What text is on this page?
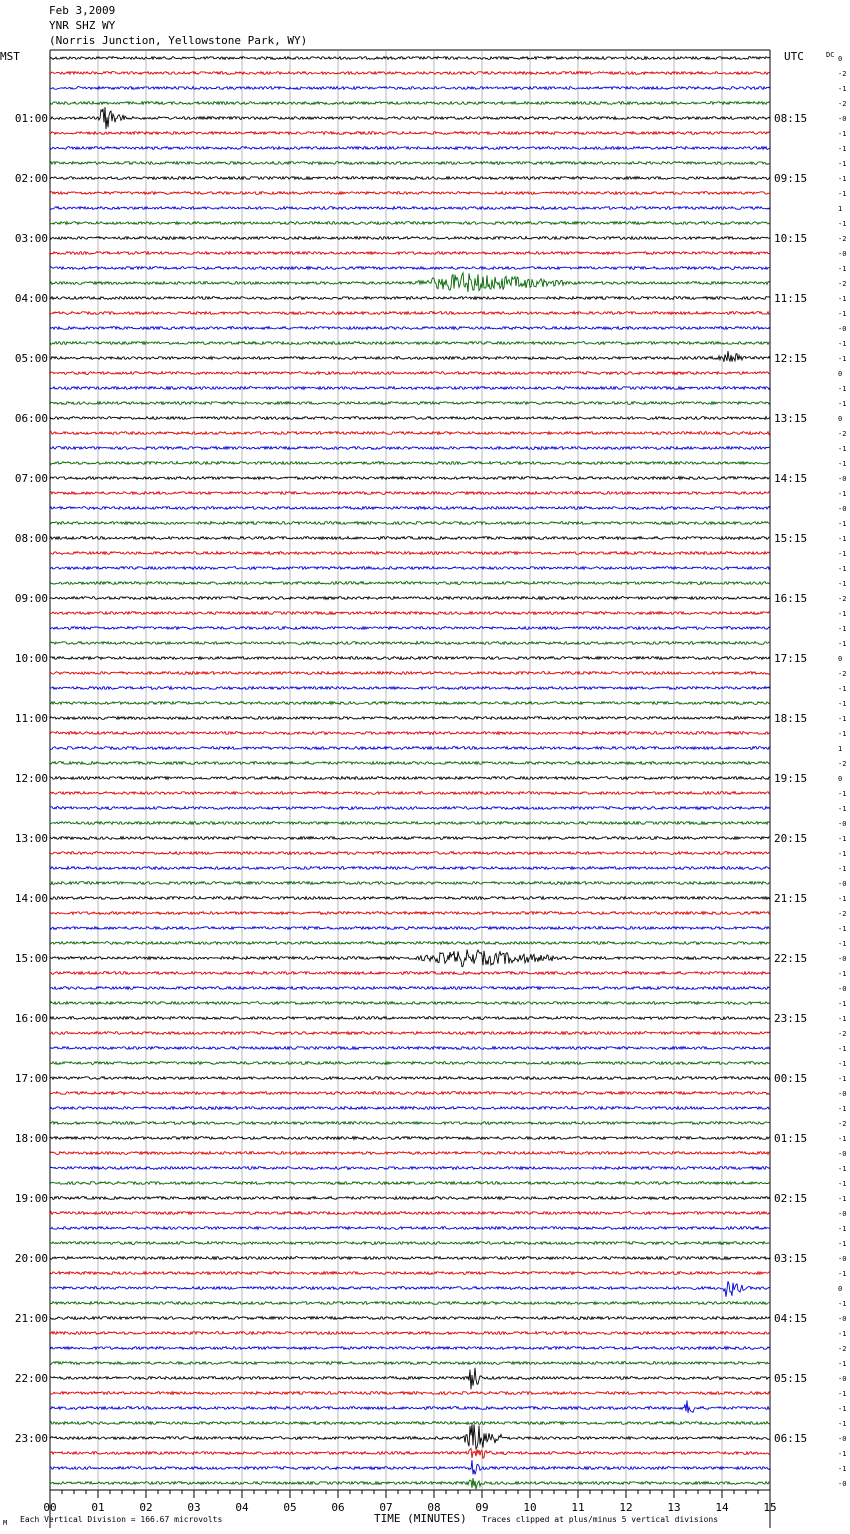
Feb 3,2009
YNR SHZ WY
(Norris Junction, Yellowstone Park, WY)
00	01	02	03	04	05	06	07	08	09	10	11	12	13	14	15
0
-2
-1
-2
-0
-1
-1
-1
-1
-1
1
-1
-2
-0
-1
-2
-1
-1
-0
-1
-1
0
-1
-1
0
-2
-1
-1
-0
-1
-0
-1
-1
-1
-1
-1
-2
-1
-1
-1
0
-2
-1
-1
-1
-1
1
-2
0
-1
-1
-0
-1
-1
-1
-0
-1
-2
-1
-1
-0
-1
-0
-1
-1
-2
-1
-1
-1
-0
-1
-2
-1
-0
-1
-1
-1
-0
-1
-1
-0
-1
0
-1
-0
-1
-2
-1
-0
-1
-1
-1
-0
-1
-1
-0
01:00
02:00
03:00
04:00
05:00
06:00
07:00
08:00
09:00
10:00
11:00
12:00
13:00
14:00
15:00
16:00
17:00
18:00
19:00
20:00
21:00
22:00
23:00
08:15
09:15
10:15
11:15
12:15
13:15
14:15
15:15
16:15
17:15
18:15
19:15
20:15
21:15
22:15
23:15
00:15
01:15
02:15
03:15
04:15
05:15
06:15
MST	UTC	DC
M Each Vertical Division = 166.67 microvolts	TIME (MINUTES) Traces clipped at plus/minus 5 vertical divisions
